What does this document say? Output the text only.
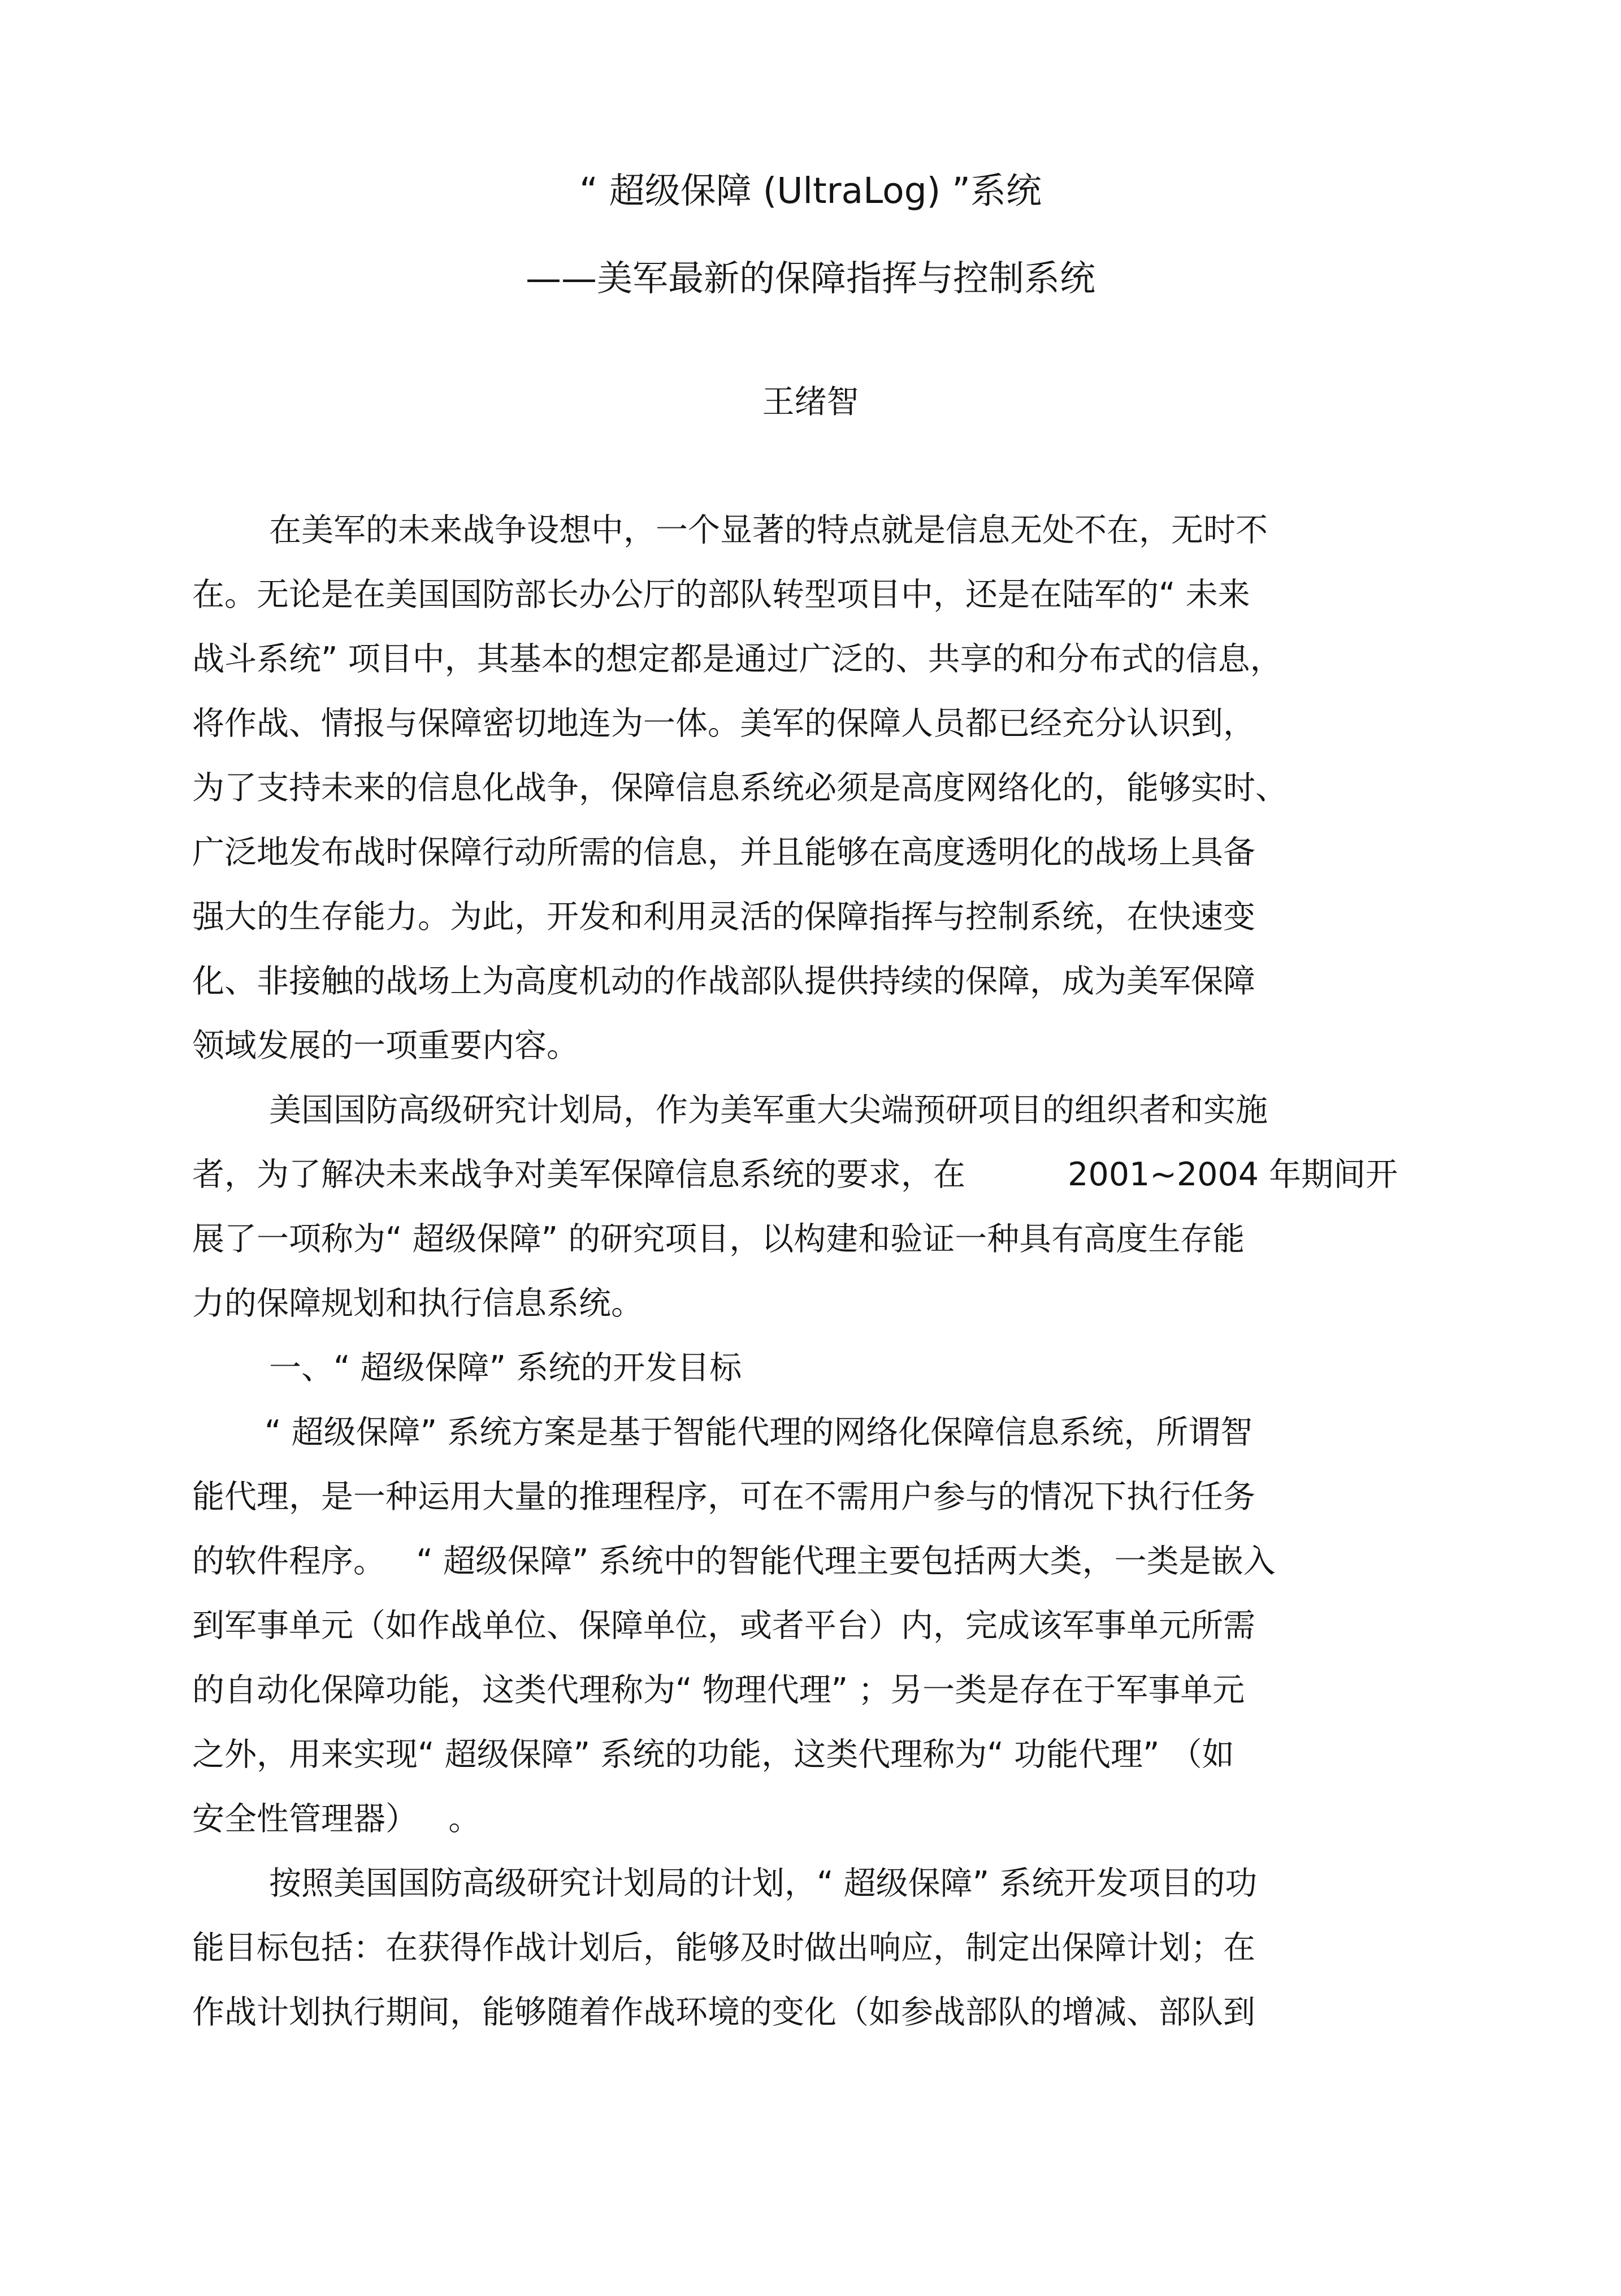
“ 超级保障 (UltraLog) ”系统
——美军最新的保障指挥与控制系统
王绪智
在美军的未来战争设想中，一个显著的特点就是信息无处不在，无时不
在。无论是在美国国防部长办公厅的部队转型项目中，还是在陆军的“ 未来
战斗系统” 项目中，其基本的想定都是通过广泛的、共享的和分布式的信息，
将作战、情报与保障密切地连为一体。美军的保障人员都已经充分认识到，
为了支持未来的信息化战争，保障信息系统必须是高度网络化的，能够实时、
广泛地发布战时保障行动所需的信息，并且能够在高度透明化的战场上具备
强大的生存能力。为此，开发和利用灵活的保障指挥与控制系统，在快速变
化、非接触的战场上为高度机动的作战部队提供持续的保障，成为美军保障
领域发展的一项重要内容。
美国国防高级研究计划局，作为美军重大尖端预研项目的组织者和实施
者，为了解决未来战争对美军保障信息系统的要求，在          2001~2004 年期间开
展了一项称为“ 超级保障” 的研究项目，以构建和验证一种具有高度生存能
力的保障规划和执行信息系统。
一、“ 超级保障” 系统的开发目标
“ 超级保障” 系统方案是基于智能代理的网络化保障信息系统，所谓智
能代理，是一种运用大量的推理程序，可在不需用户参与的情况下执行任务
的软件程序。   “ 超级保障” 系统中的智能代理主要包括两大类，一类是嵌入
到军事单元（如作战单位、保障单位，或者平台）内，完成该军事单元所需
的自动化保障功能，这类代理称为“ 物理代理” ；另一类是存在于军事单元
之外，用来实现“ 超级保障” 系统的功能，这类代理称为“ 功能代理” （如
安全性管理器）   。
按照美国国防高级研究计划局的计划，“ 超级保障” 系统开发项目的功
能目标包括：在获得作战计划后，能够及时做出响应，制定出保障计划；在
作战计划执行期间，能够随着作战环境的变化（如参战部队的增减、部队到
